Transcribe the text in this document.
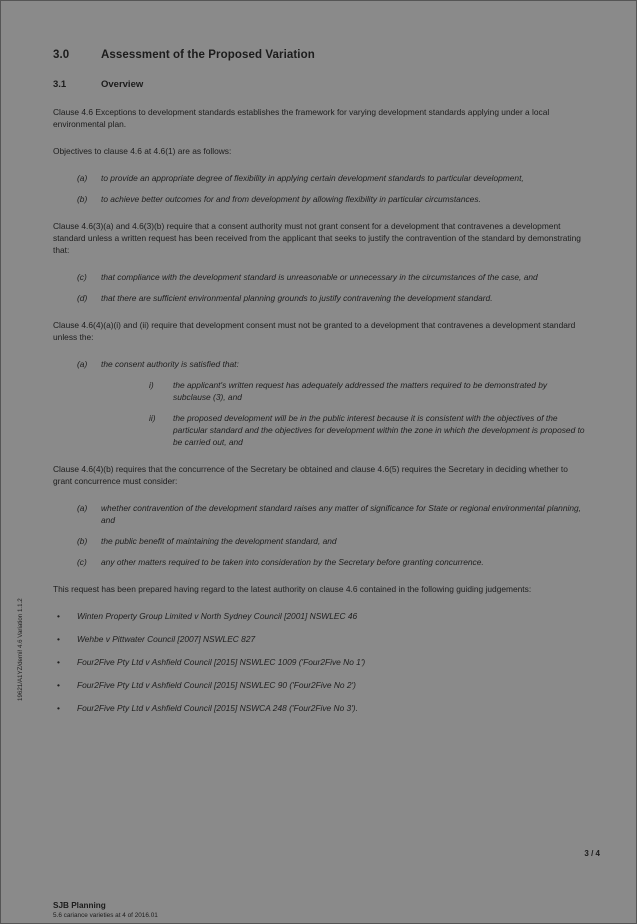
19621/A1YZ/demi! 4.6 Variation 1.1.2
3.0	Assessment of the Proposed Variation
3.1	Overview

Clause 4.6 Exceptions to development standards establishes the framework for varying development standards applying under a local environmental plan.

Objectives to clause 4.6 at 4.6(1) are as follows:

(a) to provide an appropriate degree of flexibility in applying certain development standards to particular development,
(b) to achieve better outcomes for and from development by allowing flexibility in particular circumstances.

Clause 4.6(3)(a) and 4.6(3)(b) require that a consent authority must not grant consent for a development that contravenes a development standard unless a written request has been received from the applicant that seeks to justify the contravention of the standard by demonstrating that:

(c) that compliance with the development standard is unreasonable or unnecessary in the circumstances of the case, and
(d) that there are sufficient environmental planning grounds to justify contravening the development standard.

Clause 4.6(4)(a)(i) and (ii) require that development consent must not be granted to a development that contravenes a development standard unless the:

(a) the consent authority is satisfied that:
i) the applicant's written request has adequately addressed the matters required to be demonstrated by subclause (3), and
ii) the proposed development will be in the public interest because it is consistent with the objectives of the particular standard and the objectives for development within the zone in which the development is proposed to be carried out, and

Clause 4.6(4)(b) requires that the concurrence of the Secretary be obtained and clause 4.6(5) requires the Secretary in deciding whether to grant concurrence must consider:

(a) whether contravention of the development standard raises any matter of significance for State or regional environmental planning, and
(b) the public benefit of maintaining the development standard, and
(c) any other matters required to be taken into consideration by the Secretary before granting concurrence.

This request has been prepared having regard to the latest authority on clause 4.6 contained in the following guiding judgements:

• Winten Property Group Limited v North Sydney Council [2001] NSWLEC 46
• Wehbe v Pittwater Council [2007] NSWLEC 827
• Four2Five Pty Ltd v Ashfield Council [2015] NSWLEC 1009 ('Four2Five No 1')
• Four2Five Pty Ltd v Ashfield Council [2015] NSWLEC 90 ('Four2Five No 2')
• Four2Five Pty Ltd v Ashfield Council [2015] NSWCA 248 ('Four2Five No 3').
3 / 4
SJB Planning
5.6 cariance varieties at 4 of 2016.01
